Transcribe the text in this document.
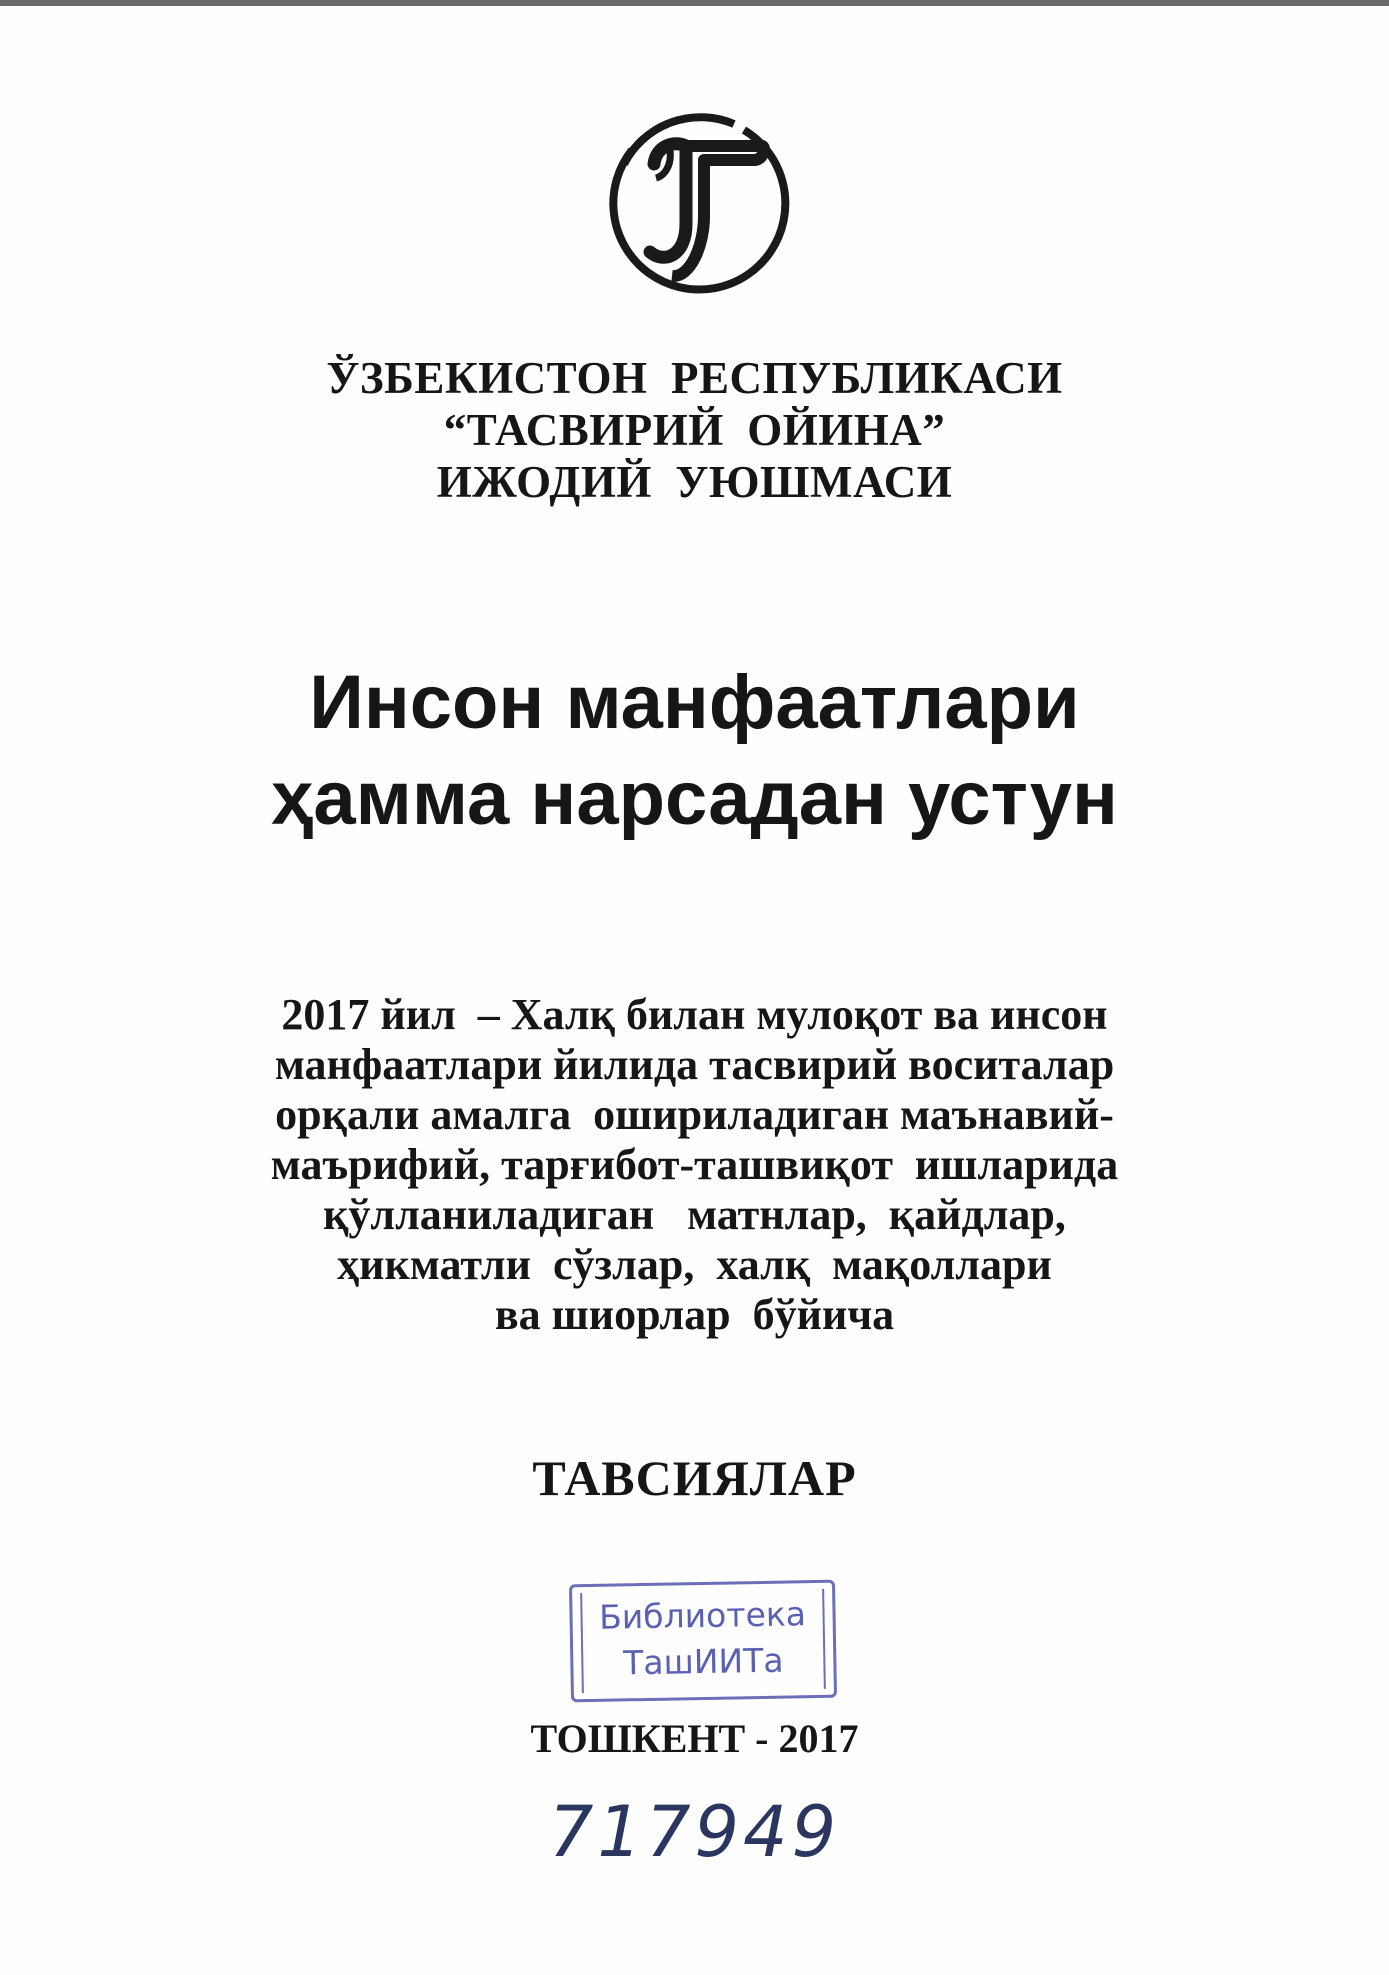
ЎЗБЕКИСТОН  РЕСПУБЛИКАСИ
“ТАСВИРИЙ  ОЙИНА”
ИЖОДИЙ  УЮШМАСИ
Инсон манфаатлари
ҳамма нарсадан устун
2017 йил  – Халқ билан мулоқот ва инсон
манфаатлари йилида тасвирий воситалар
орқали амалга  ошириладиган маънавий-
маърифий, тарғибот-ташвиқот  ишларида
қўлланиладиган   матнлар,  қайдлар,
ҳикматли  сўзлар,  халқ  мақоллари
ва шиорлар  бўйича
ТАВСИЯЛАР
Библиотека
ТашИИТа
ТОШКЕНТ - 2017
717949
